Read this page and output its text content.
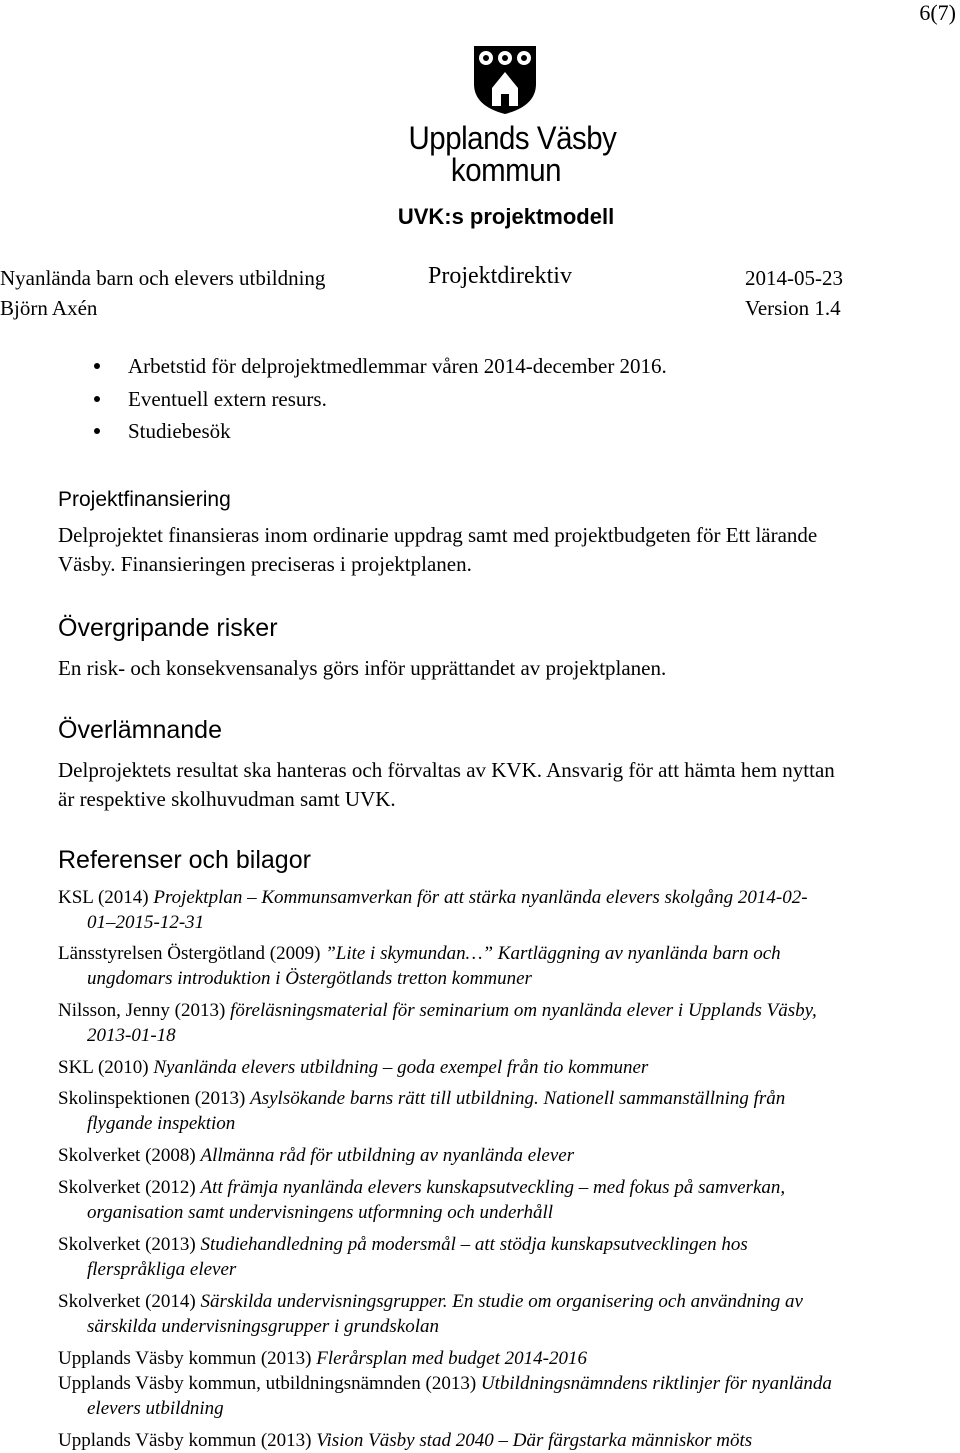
6(7)
Upplands Väsby
kommun
UVK:s projektmodell
Nyanlända barn och elevers utbildning	Projektdirektiv	2014-05-23
Björn Axén	Version 1.4
Arbetstid för delprojektmedlemmar våren 2014-december 2016.
Eventuell extern resurs.
Studiebesök
Projektfinansiering
Delprojektet finansieras inom ordinarie uppdrag samt med projektbudgeten för Ett lärande
Väsby. Finansieringen preciseras i projektplanen.
Övergripande risker
En risk- och konsekvensanalys görs inför upprättandet av projektplanen.
Överlämnande
Delprojektets resultat ska hanteras och förvaltas av KVK. Ansvarig för att hämta hem nyttan
är respektive skolhuvudman samt UVK.
Referenser och bilagor
KSL (2014) Projektplan – Kommunsamverkan för att stärka nyanlända elevers skolgång 2014-02-
01–2015-12-31
Länsstyrelsen Östergötland (2009) ”Lite i skymundan…” Kartläggning av nyanlända barn och
ungdomars introduktion i Östergötlands tretton kommuner
Nilsson, Jenny (2013) föreläsningsmaterial för seminarium om nyanlända elever i Upplands Väsby,
2013-01-18
SKL (2010) Nyanlända elevers utbildning – goda exempel från tio kommuner
Skolinspektionen (2013) Asylsökande barns rätt till utbildning. Nationell sammanställning från
flygande inspektion
Skolverket (2008) Allmänna råd för utbildning av nyanlända elever
Skolverket (2012) Att främja nyanlända elevers kunskapsutveckling – med fokus på samverkan,
organisation samt undervisningens utformning och underhåll
Skolverket (2013) Studiehandledning på modersmål – att stödja kunskapsutvecklingen hos
flerspråkliga elever
Skolverket (2014) Särskilda undervisningsgrupper. En studie om organisering och användning av
särskilda undervisningsgrupper i grundskolan
Upplands Väsby kommun (2013) Flerårsplan med budget 2014-2016
Upplands Väsby kommun, utbildningsnämnden (2013) Utbildningsnämndens riktlinjer för nyanlända
elevers utbildning
Upplands Väsby kommun (2013) Vision Väsby stad 2040 – Där färgstarka människor möts
